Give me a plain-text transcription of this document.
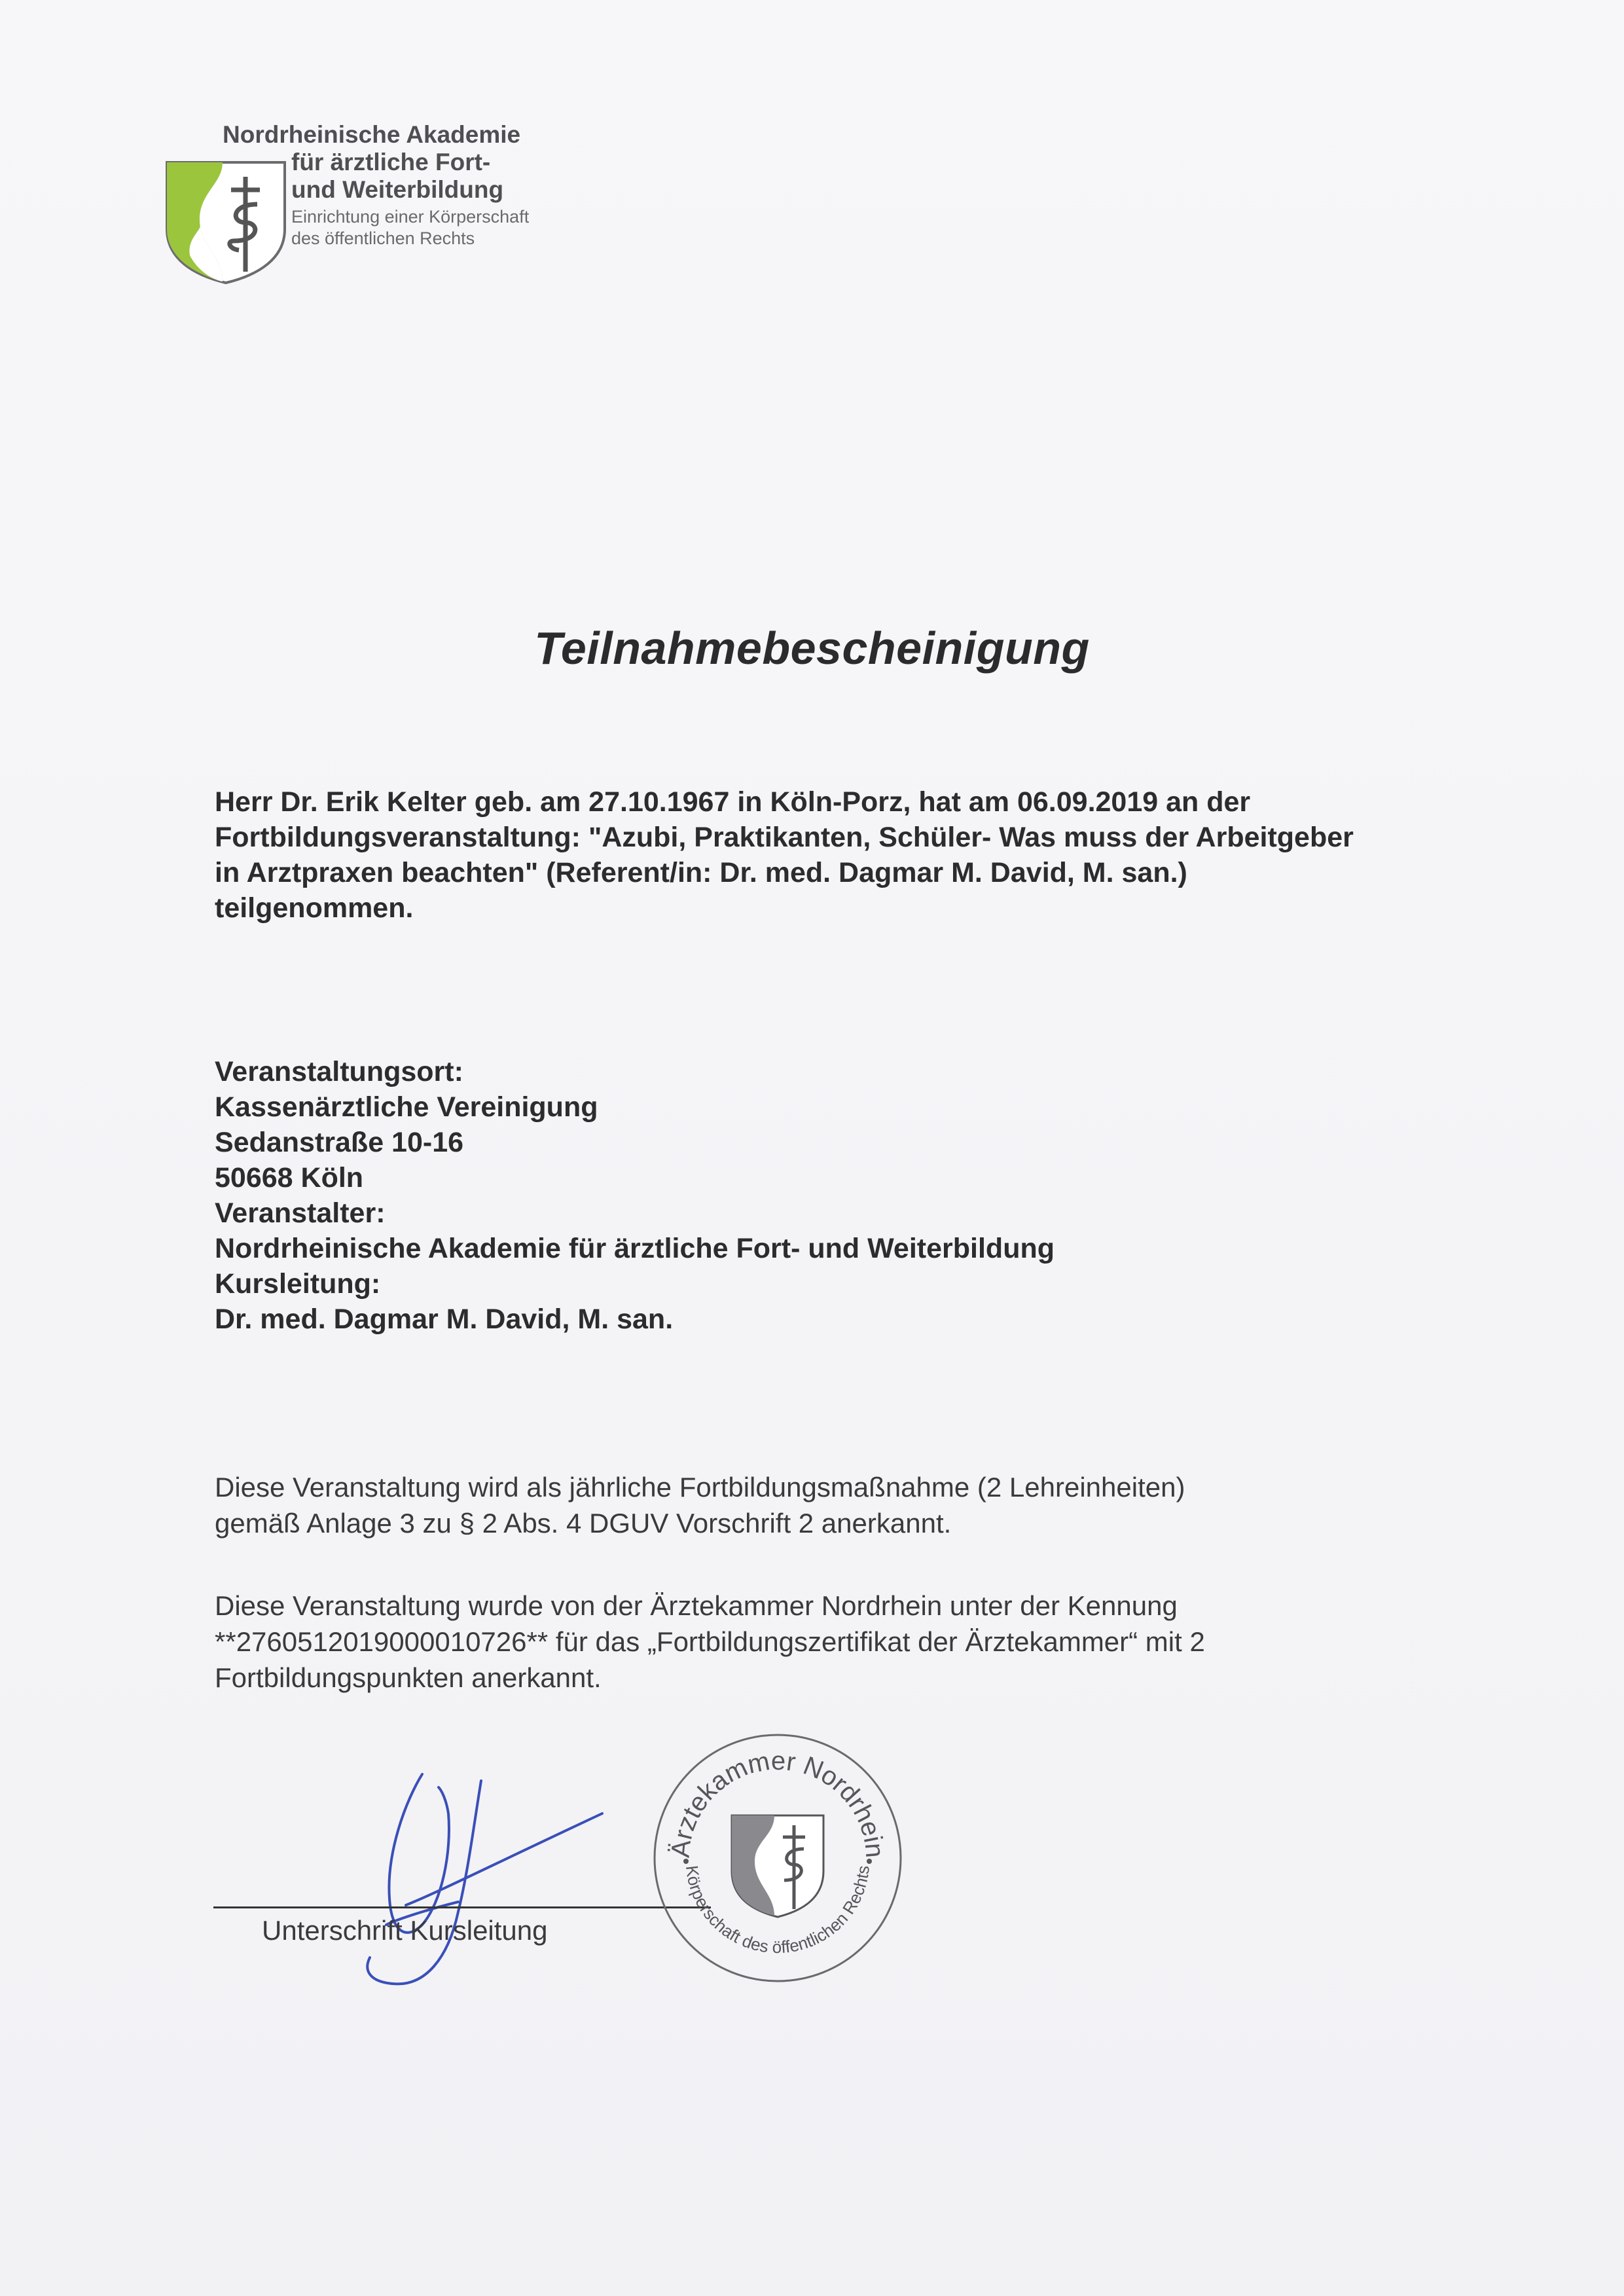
Nordrheinische Akademie
für ärztliche Fort-
und Weiterbildung
Einrichtung einer Körperschaft
des öffentlichen Rechts
Teilnahmebescheinigung
Herr Dr. Erik Kelter geb. am 27.10.1967 in Köln-Porz, hat am 06.09.2019 an der
Fortbildungsveranstaltung: "Azubi, Praktikanten, Schüler- Was muss der Arbeitgeber
in Arztpraxen beachten" (Referent/in: Dr. med. Dagmar M. David, M. san.)
teilgenommen.
Veranstaltungsort:
Kassenärztliche Vereinigung
Sedanstraße 10-16
50668 Köln
Veranstalter:
Nordrheinische Akademie für ärztliche Fort- und Weiterbildung
Kursleitung:
Dr. med. Dagmar M. David, M. san.
Diese Veranstaltung wird als jährliche Fortbildungsmaßnahme (2 Lehreinheiten)
gemäß Anlage 3 zu § 2 Abs. 4 DGUV Vorschrift 2 anerkannt.
Diese Veranstaltung wurde von der Ärztekammer Nordrhein unter der Kennung
**276051201900001​0726** für das „Fortbildungszertifikat der Ärztekammer“ mit 2
Fortbildungspunkten anerkannt.
Unterschrift Kursleitung
Ärztekammer Nordrhein
Körperschaft des öffentlichen Rechts
